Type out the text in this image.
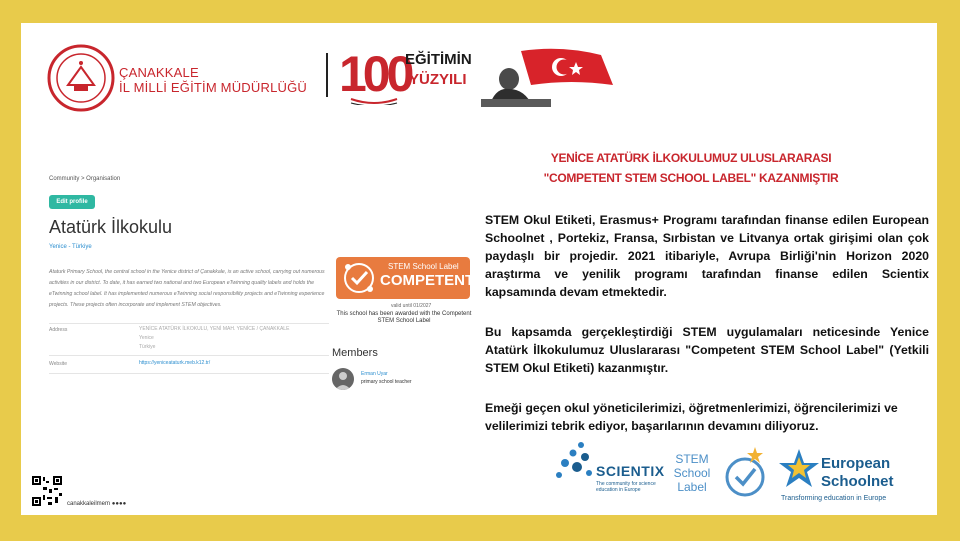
ÇANAKKALE
İL MİLLİ EĞİTİM MÜDÜRLÜĞÜ 100
EĞİTİMİN
YÜZYILI
Community > Organisation
Edit profile
Atatürk İlkokulu
Yenice - Türkiye
Ataturk Primary School, the central school in the Yenice district of Çanakkale, is an active school, carrying out numerous activities in our district. To date, it has earned two national and two European eTwinning quality labels and holds the eTwinning school label. It has implemented numerous eTwinning social responsibility projects and eTwinning experience projects. These projects often incorporate and implement STEM objectives.
Address	YENİCE ATATÜRK İLKOKULU, YENİ MAH. YENİCE / ÇANAKKALE
Yenice
Türkiye
Website	https://yeniceataturk.meb.k12.tr/
STEM School Label
COMPETENT
valid until 01/2027
This school has been awarded with the Competent STEM School Label
Members
Erman Uyar
primary school teacher
canakkaleilmem ●●●●
YENİCE ATATÜRK İLKOKULUMUZ ULUSLARARASI
"COMPETENT STEM SCHOOL LABEL" KAZANMIŞTIR
STEM Okul Etiketi, Erasmus+ Programı tarafından finanse edilen European Schoolnet , Portekiz, Fransa, Sırbistan ve Litvanya ortak girişimi olan çok paydaşlı bir projedir. 2021 itibariyle, Avrupa Birliği'nin Horizon 2020 araştırma ve yenilik programı tarafından finanse edilen Scientix kapsamında devam etmektedir.
Bu kapsamda gerçekleştirdiği STEM uygulamaları neticesinde Yenice Atatürk İlkokulumuz Uluslararası "Competent STEM School Label" (Yetkili STEM Okul Etiketi) kazanmıştır.
Emeği geçen okul yöneticilerimizi, öğretmenlerimizi, öğrencilerimizi ve velilerimizi tebrik ediyor, başarılarının devamını diliyoruz.
SCIENTIX
The community for science education in Europe
STEM
School
Label
European
Schoolnet
Transforming education in Europe
